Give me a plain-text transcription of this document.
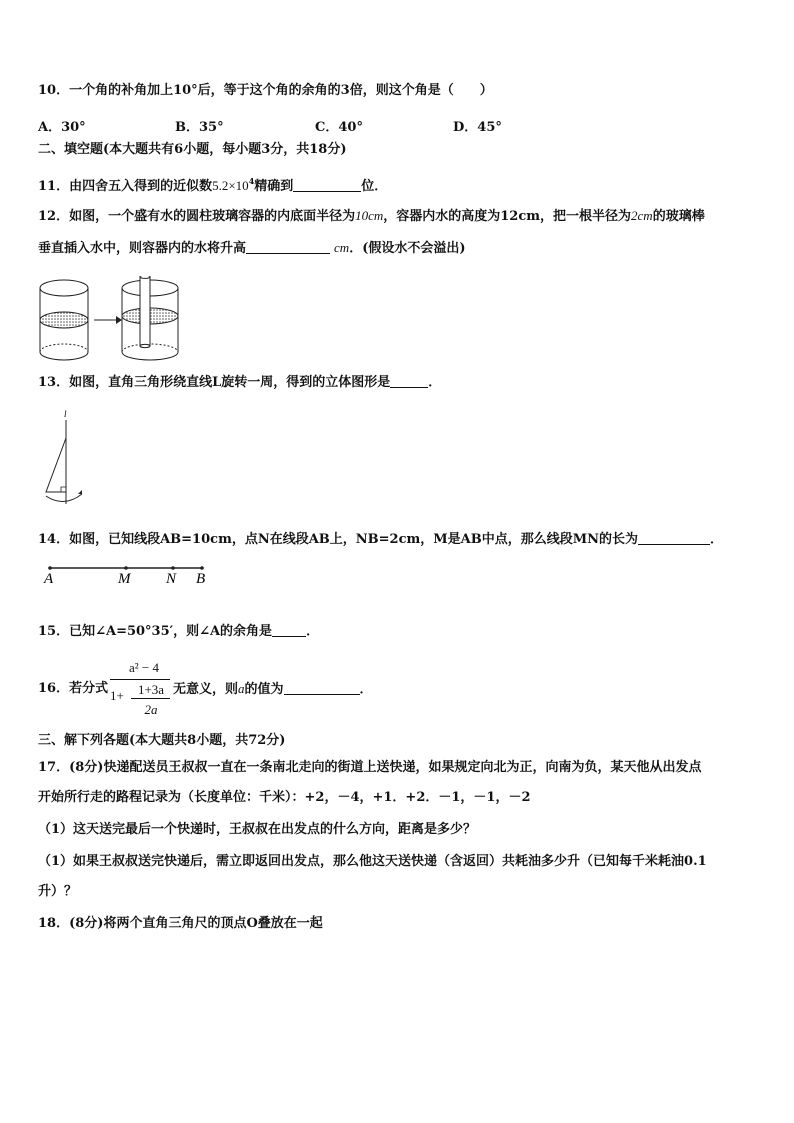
10．一个角的补角加上10°后，等于这个角的余角的3倍，则这个角是（　　）
A．30°	B．35°	C．40°	D．45°
二、填空题(本大题共有6小题，每小题3分，共18分)
11．由四舍五入得到的近似数$5.2\times 10^4$精确到	位．
12．如图，一个盛有水的圆柱玻璃容器的内底面半径为10cm，容器内水的高度为12cm，把一根半径为2cm的玻璃棒
垂直插入水中，则容器内的水将升高	cm．(假设水不会溢出)
13．如图，直角三角形绕直线L旋转一周，得到的立体图形是	．
l
14．如图，已知线段AB=10cm，点N在线段AB上，NB=2cm，M是AB中点，那么线段MN的长为	．
A	M N B
15．已知∠A=50°35′，则∠A的余角是	．
16．若分式
a² − 4
1+	1+3a
2a
无意义，则a的值为	．
三、解下列各题(本大题共8小题，共72分)
17．(8分)快递配送员王叔叔一直在一条南北走向的街道上送快递，如果规定向北为正，向南为负，某天他从出发点
开始所行走的路程记录为（长度单位：千米）：+2，－4，+1．+2．－1，－1，－2
（1）这天送完最后一个快递时，王叔叔在出发点的什么方向，距离是多少？
（1）如果王叔叔送完快递后，需立即返回出发点，那么他这天送快递（含返回）共耗油多少升（已知每千米耗油0.1
升）？
18．(8分)将两个直角三角尺的顶点O叠放在一起
